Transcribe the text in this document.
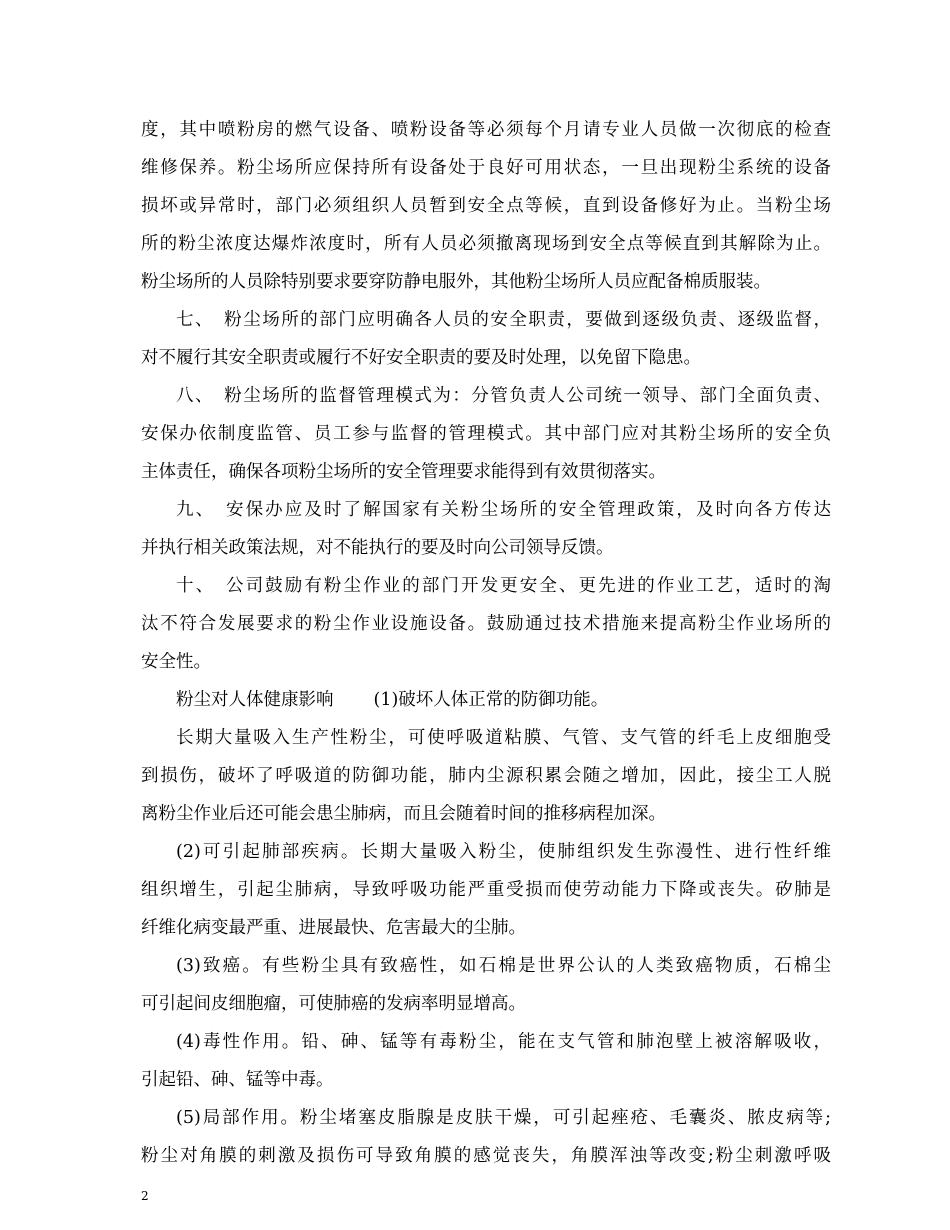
度，其中喷粉房的燃气设备、喷粉设备等必须每个月请专业人员做一次彻底的检查
维修保养。粉尘场所应保持所有设备处于良好可用状态，一旦出现粉尘系统的设备
损坏或异常时，部门必须组织人员暂到安全点等候，直到设备修好为止。当粉尘场
所的粉尘浓度达爆炸浓度时，所有人员必须撤离现场到安全点等候直到其解除为止。
粉尘场所的人员除特别要求要穿防静电服外，其他粉尘场所人员应配备棉质服装。
七、　粉尘场所的部门应明确各人员的安全职责，要做到逐级负责、逐级监督，
对不履行其安全职责或履行不好安全职责的要及时处理，以免留下隐患。
八、　粉尘场所的监督管理模式为：分管负责人公司统一领导、部门全面负责、
安保办依制度监管、员工参与监督的管理模式。其中部门应对其粉尘场所的安全负
主体责任，确保各项粉尘场所的安全管理要求能得到有效贯彻落实。
九、　安保办应及时了解国家有关粉尘场所的安全管理政策，及时向各方传达
并执行相关政策法规，对不能执行的要及时向公司领导反馈。
十、　公司鼓励有粉尘作业的部门开发更安全、更先进的作业工艺，适时的淘
汰不符合发展要求的粉尘作业设施设备。鼓励通过技术措施来提高粉尘作业场所的
安全性。
粉尘对人体健康影响 (1)破坏人体正常的防御功能。
长期大量吸入生产性粉尘，可使呼吸道粘膜、气管、支气管的纤毛上皮细胞受
到损伤，破坏了呼吸道的防御功能，肺内尘源积累会随之增加，因此，接尘工人脱
离粉尘作业后还可能会患尘肺病，而且会随着时间的推移病程加深。
(2)可引起肺部疾病。长期大量吸入粉尘，使肺组织发生弥漫性、进行性纤维
组织增生，引起尘肺病，导致呼吸功能严重受损而使劳动能力下降或丧失。矽肺是
纤维化病变最严重、进展最快、危害最大的尘肺。
(3)致癌。有些粉尘具有致癌性，如石棉是世界公认的人类致癌物质，石棉尘
可引起间皮细胞瘤，可使肺癌的发病率明显增高。
(4)毒性作用。铅、砷、锰等有毒粉尘，能在支气管和肺泡壁上被溶解吸收，
引起铅、砷、锰等中毒。
(5)局部作用。粉尘堵塞皮脂腺是皮肤干燥，可引起痤疮、毛囊炎、脓皮病等;
粉尘对角膜的刺激及损伤可导致角膜的感觉丧失，角膜浑浊等改变;粉尘刺激呼吸
2
